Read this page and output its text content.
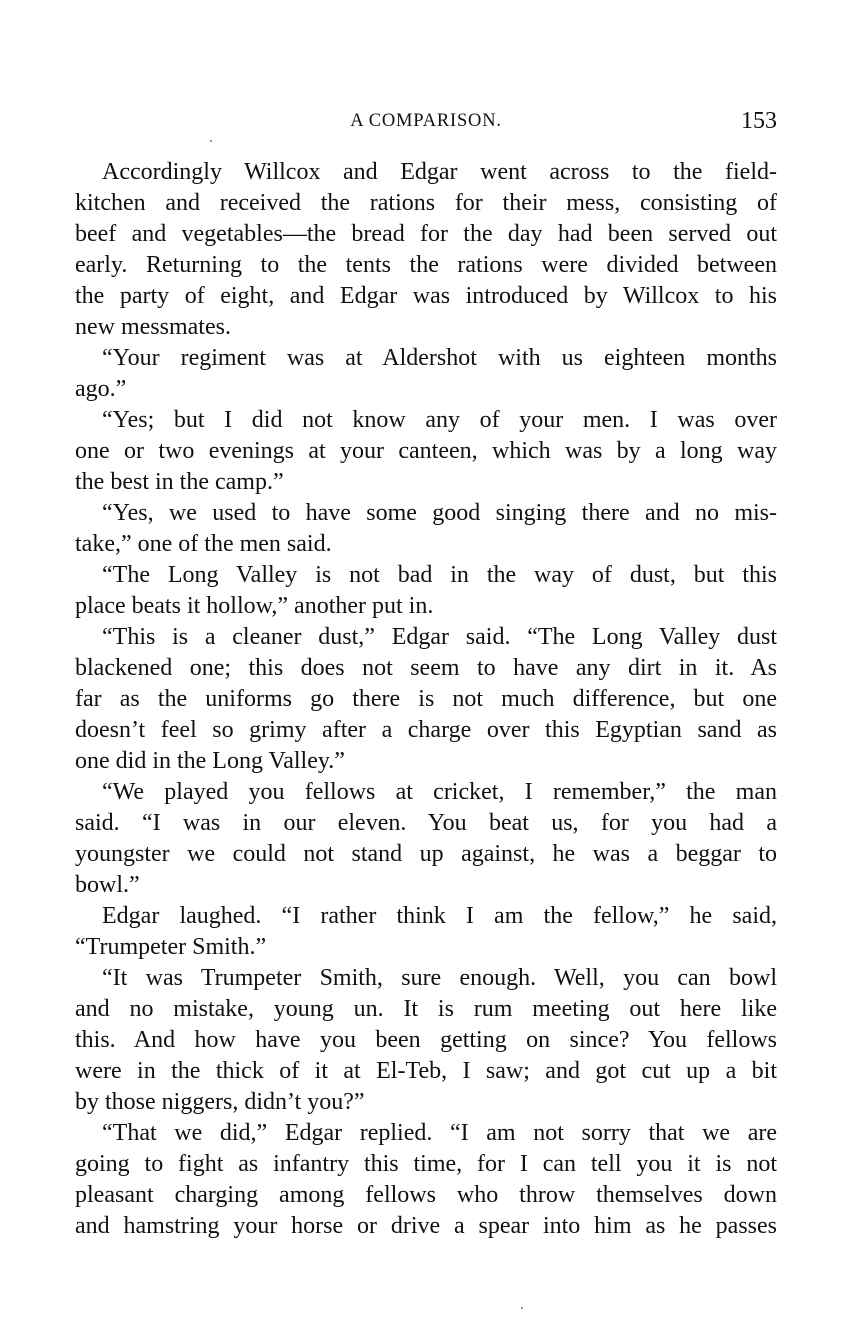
A COMPARISON.	153
Accordingly Willcox and Edgar went across to the field-
kitchen and received the rations for their mess, consisting of
beef and vegetables—the bread for the day had been served out
early. Returning to the tents the rations were divided between
the party of eight, and Edgar was introduced by Willcox to his
new messmates.
“Your regiment was at Aldershot with us eighteen months
ago.”
“Yes; but I did not know any of your men. I was over
one or two evenings at your canteen, which was by a long way
the best in the camp.”
“Yes, we used to have some good singing there and no mis-
take,” one of the men said.
“The Long Valley is not bad in the way of dust, but this
place beats it hollow,” another put in.
“This is a cleaner dust,” Edgar said. “The Long Valley dust
blackened one; this does not seem to have any dirt in it. As
far as the uniforms go there is not much difference, but one
doesn’t feel so grimy after a charge over this Egyptian sand as
one did in the Long Valley.”
“We played you fellows at cricket, I remember,” the man
said. “I was in our eleven. You beat us, for you had a
youngster we could not stand up against, he was a beggar to
bowl.”
Edgar laughed. “I rather think I am the fellow,” he said,
“Trumpeter Smith.”
“It was Trumpeter Smith, sure enough. Well, you can bowl
and no mistake, young un. It is rum meeting out here like
this. And how have you been getting on since? You fellows
were in the thick of it at El-Teb, I saw; and got cut up a bit
by those niggers, didn’t you?”
“That we did,” Edgar replied. “I am not sorry that we are
going to fight as infantry this time, for I can tell you it is not
pleasant charging among fellows who throw themselves down
and hamstring your horse or drive a spear into him as he passes
